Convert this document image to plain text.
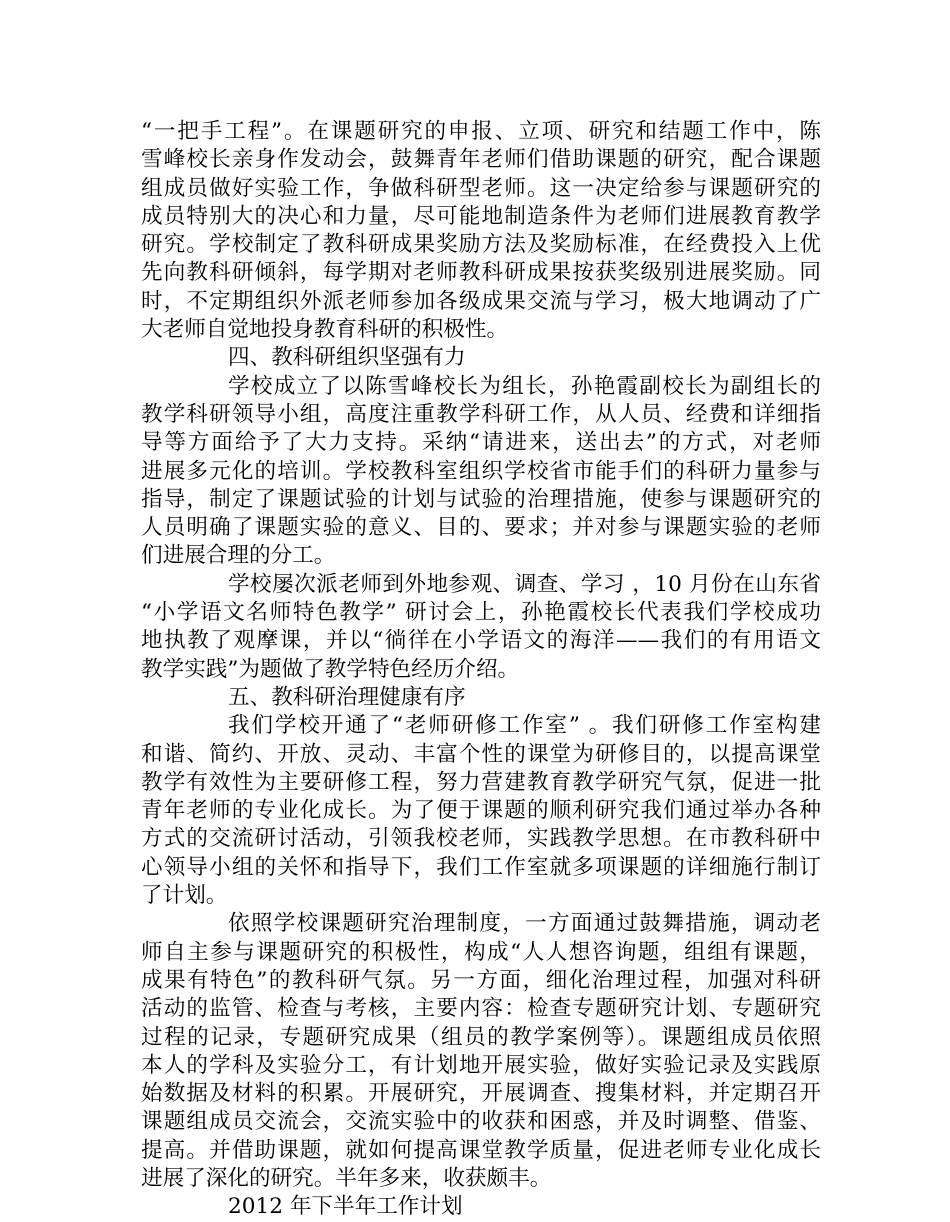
“一把手工程”。在课题研究的申报、立项、研究和结题工作中，陈
雪峰校长亲身作发动会，鼓舞青年老师们借助课题的研究，配合课题
组成员做好实验工作，争做科研型老师。这一决定给参与课题研究的
成员特别大的决心和力量，尽可能地制造条件为老师们进展教育教学
研究。学校制定了教科研成果奖励方法及奖励标准，在经费投入上优
先向教科研倾斜，每学期对老师教科研成果按获奖级别进展奖励。同
时，不定期组织外派老师参加各级成果交流与学习，极大地调动了广
大老师自觉地投身教育科研的积极性。
四、教科研组织坚强有力
学校成立了以陈雪峰校长为组长，孙艳霞副校长为副组长的
教学科研领导小组，高度注重教学科研工作，从人员、经费和详细指
导等方面给予了大力支持。采纳“请进来，送出去”的方式，对老师
进展多元化的培训。学校教科室组织学校省市能手们的科研力量参与
指导，制定了课题试验的计划与试验的治理措施，使参与课题研究的
人员明确了课题实验的意义、目的、要求；并对参与课题实验的老师
们进展合理的分工。
学校屡次派老师到外地参观、调查、学习 ，10 月份在山东省
“小学语文名师特色教学” 研讨会上，孙艳霞校长代表我们学校成功
地执教了观摩课，并以“徜徉在小学语文的海洋——我们的有用语文
教学实践”为题做了教学特色经历介绍。
五、教科研治理健康有序
我们学校开通了“老师研修工作室” 。我们研修工作室构建
和谐、简约、开放、灵动、丰富个性的课堂为研修目的，以提高课堂
教学有效性为主要研修工程，努力营建教育教学研究气氛，促进一批
青年老师的专业化成长。为了便于课题的顺利研究我们通过举办各种
方式的交流研讨活动，引领我校老师，实践教学思想。在市教科研中
心领导小组的关怀和指导下，我们工作室就多项课题的详细施行制订
了计划。
依照学校课题研究治理制度，一方面通过鼓舞措施，调动老
师自主参与课题研究的积极性，构成“人人想咨询题，组组有课题，
成果有特色”的教科研气氛。另一方面，细化治理过程，加强对科研
活动的监管、检查与考核，主要内容：检查专题研究计划、专题研究
过程的记录，专题研究成果（组员的教学案例等）。课题组成员依照
本人的学科及实验分工，有计划地开展实验，做好实验记录及实践原
始数据及材料的积累。开展研究，开展调查、搜集材料，并定期召开
课题组成员交流会，交流实验中的收获和困惑，并及时调整、借鉴、
提高。并借助课题，就如何提高课堂教学质量，促进老师专业化成长
进展了深化的研究。半年多来，收获颇丰。
2012 年下半年工作计划
